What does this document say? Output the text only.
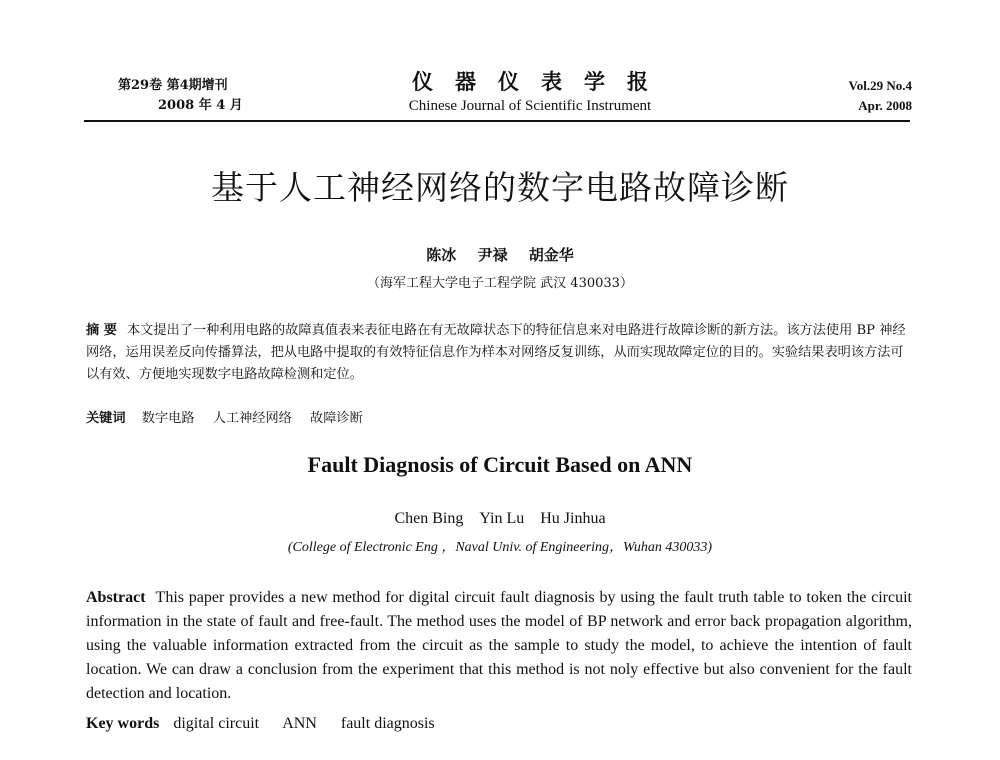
第29卷 第4期增刊
2008 年 4 月
仪器仪表学报
Chinese Journal of Scientific Instrument
Vol.29 No.4
Apr. 2008
基于人工神经网络的数字电路故障诊断
陈冰 尹禄 胡金华
（海军工程大学电子工程学院 武汉 430033）
摘 要 本文提出了一种利用电路的故障真值表来表征电路在有无故障状态下的特征信息来对电路进行故障诊断的新方法。该方法使用 BP 神经网络，运用误差反向传播算法，把从电路中提取的有效特征信息作为样本对网络反复训练，从而实现故障定位的目的。实验结果表明该方法可以有效、方便地实现数字电路故障检测和定位。
关键词 数字电路 人工神经网络 故障诊断
Fault Diagnosis of Circuit Based on ANN
Chen Bing Yin Lu Hu Jinhua
(College of Electronic Eng ，Naval Univ. of Engineering，Wuhan 430033)
Abstract This paper provides a new method for digital circuit fault diagnosis by using the fault truth table to token the circuit information in the state of fault and free-fault. The method uses the model of BP network and error back propagation algorithm, using the valuable information extracted from the circuit as the sample to study the model, to achieve the intention of fault location. We can draw a conclusion from the experiment that this method is not noly effective but also convenient for the fault detection and location.
Key words digital circuit ANN fault diagnosis
